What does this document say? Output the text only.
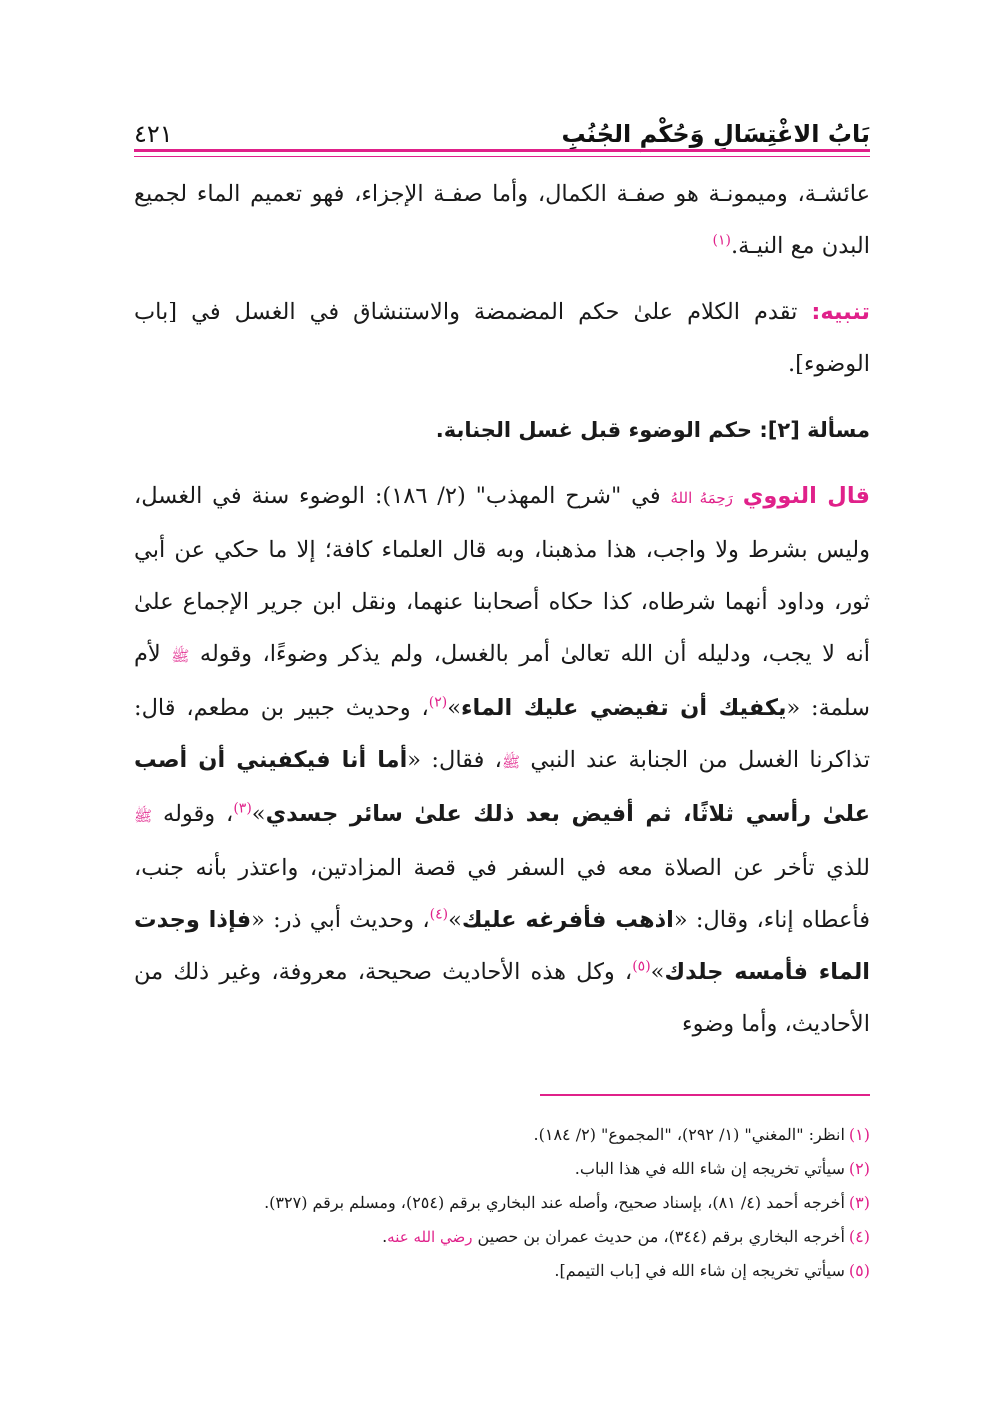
بَابُ الاغْتِسَالِ وَحُكْمِ الجُنُبِ
٤٢١

عائشـة، وميمونـة هو صفـة الكمال، وأما صفـة الإجزاء، فهو تعميم الماء لجميع البدن مع النيـة.$^{(١)}$

تنبيه: تقدم الكلام علىٰ حكم المضمضة والاستنشاق في الغسل في [باب الوضوء].

مسألة [٢]: حكم الوضوء قبل غسل الجنابة.

قال النووي رَحِمَهُ اللهُ في "شرح المهذب" (٢/ ١٨٦): الوضوء سنة في الغسل، وليس بشرط ولا واجب، هذا مذهبنا، وبه قال العلماء كافة؛ إلا ما حكي عن أبي ثور، وداود أنهما شرطاه، كذا حكاه أصحابنا عنهما، ونقل ابن جرير الإجماع علىٰ أنه لا يجب، ودليله أن الله تعالىٰ أمر بالغسل، ولم يذكر وضوءًا، وقوله ﷺ لأم سلمة: «يكفيك أن تفيضي عليك الماء»$^{(٢)}$، وحديث جبير بن مطعم، قال: تذاكرنا الغسل من الجنابة عند النبي ﷺ، فقال: «أما أنا فيكفيني أن أصب علىٰ رأسي ثلاثًا، ثم أفيض بعد ذلك علىٰ سائر جسدي»$^{(٣)}$، وقوله ﷺ للذي تأخر عن الصلاة معه في السفر في قصة المزادتين، واعتذر بأنه جنب، فأعطاه إناء، وقال: «اذهب فأفرغه عليك»$^{(٤)}$، وحديث أبي ذر: «فإذا وجدت الماء فأمسه جلدك»$^{(٥)}$، وكل هذه الأحاديث صحيحة، معروفة، وغير ذلك من الأحاديث، وأما وضوء

(١)
انظر: "المغني" (١/ ٢٩٢)، "المجموع" (٢/ ١٨٤).
(٢)
سيأتي تخريجه إن شاء الله في هذا الباب.
(٣)
أخرجه أحمد (٤/ ٨١)، بإسناد صحيح، وأصله عند البخاري برقم (٢٥٤)، ومسلم برقم (٣٢٧).
(٤)
أخرجه البخاري برقم (٣٤٤)، من حديث عمران بن حصين رضي الله عنه.
(٥)
سيأتي تخريجه إن شاء الله في [باب التيمم].
